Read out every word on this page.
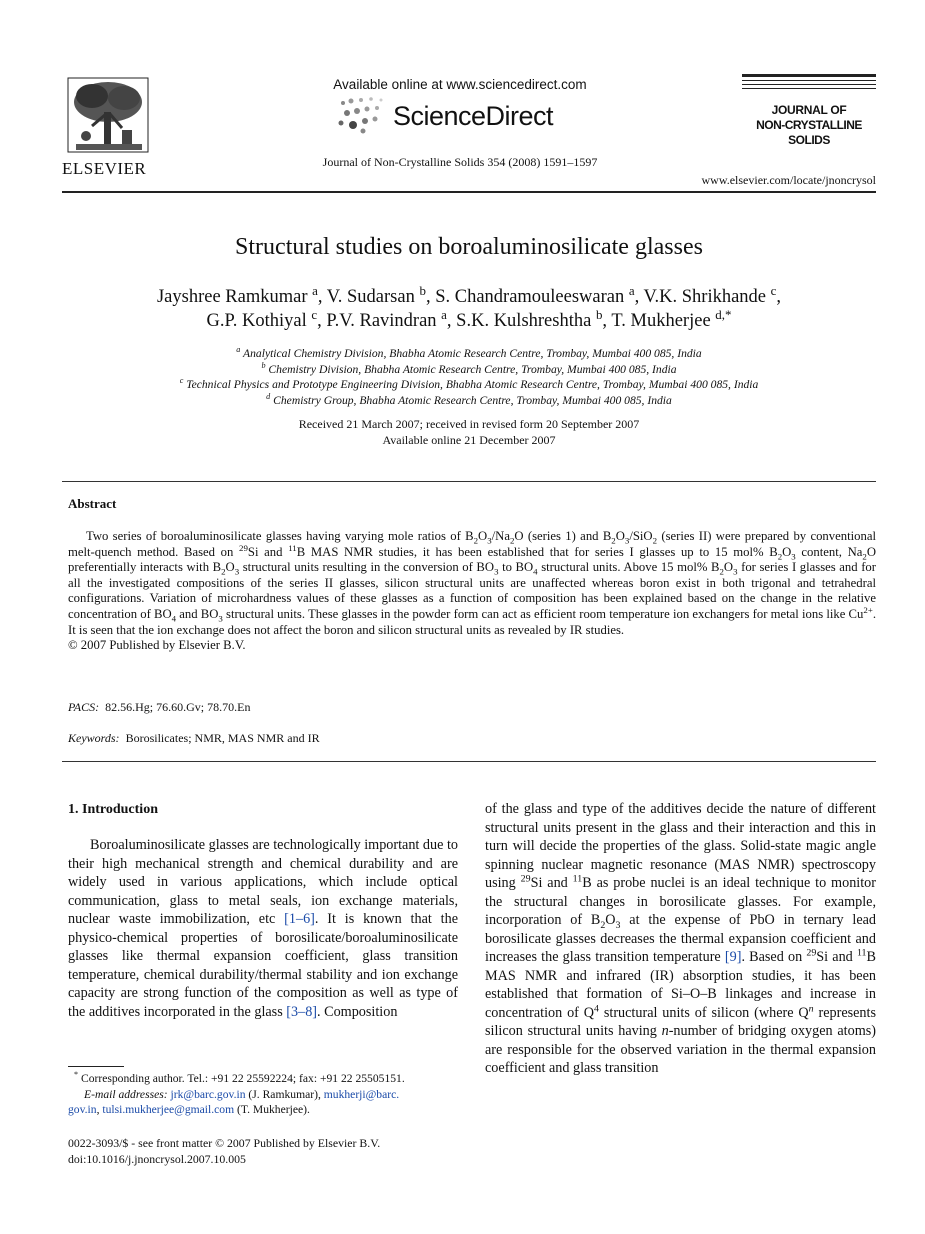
ELSEVIER
Available online at www.sciencedirect.com
ScienceDirect
Journal of Non-Crystalline Solids 354 (2008) 1591–1597
JOURNAL OF
NON-CRYSTALLINE SOLIDS
www.elsevier.com/locate/jnoncrysol
Structural studies on boroaluminosilicate glasses
Jayshree Ramkumar $^a$, V. Sudarsan $^b$, S. Chandramouleeswaran $^a$, V.K. Shrikhande $^c$,
G.P. Kothiyal $^c$, P.V. Ravindran $^a$, S.K. Kulshreshtha $^b$, T. Mukherjee $^{d,*}$
$^a$ Analytical Chemistry Division, Bhabha Atomic Research Centre, Trombay, Mumbai 400 085, India
$^b$ Chemistry Division, Bhabha Atomic Research Centre, Trombay, Mumbai 400 085, India
$^c$ Technical Physics and Prototype Engineering Division, Bhabha Atomic Research Centre, Trombay, Mumbai 400 085, India
$^d$ Chemistry Group, Bhabha Atomic Research Centre, Trombay, Mumbai 400 085, India
Received 21 March 2007; received in revised form 20 September 2007
Available online 21 December 2007
Abstract
Two series of boroaluminosilicate glasses having varying mole ratios of $B_2O_3/Na_2O$ (series 1) and $B_2O_3/SiO_2$ (series II) were prepared by conventional melt-quench method. Based on $^{29}$Si and $^{11}$B MAS NMR studies, it has been established that for series I glasses up to 15 mol% $B_2O_3$ content, $Na_2O$ preferentially interacts with $B_2O_3$ structural units resulting in the conversion of $BO_3$ to $BO_4$ structural units. Above 15 mol% $B_2O_3$ for series I glasses and for all the investigated compositions of the series II glasses, silicon structural units are unaffected whereas boron exist in both trigonal and tetrahedral configurations. Variation of microhardness values of these glasses as a function of composition has been explained based on the change in the relative concentration of $BO_4$ and $BO_3$ structural units. These glasses in the powder form can act as efficient room temperature ion exchangers for metal ions like $Cu^{2+}$. It is seen that the ion exchange does not affect the boron and silicon structural units as revealed by IR studies.
© 2007 Published by Elsevier B.V.
PACS: 82.56.Hg; 76.60.Gv; 78.70.En
Keywords: Borosilicates; NMR, MAS NMR and IR
1. Introduction

Boroaluminosilicate glasses are technologically important due to their high mechanical strength and chemical durability and are widely used in various applications, which include optical communication, glass to metal seals, ion exchange materials, nuclear waste immobilization, etc [1–6]. It is known that the physico-chemical properties of borosilicate/boroaluminosilicate glasses like thermal expansion coefficient, glass transition temperature, chemical durability/thermal stability and ion exchange capacity are strong function of the composition as well as type of the additives incorporated in the glass [3–8]. Composition

* Corresponding author. Tel.: +91 22 25592224; fax: +91 22 25505151.
E-mail addresses: jrk@barc.gov.in (J. Ramkumar), mukherji@barc.
gov.in, tulsi.mukherjee@gmail.com (T. Mukherjee).
0022-3093/$ - see front matter © 2007 Published by Elsevier B.V.
doi:10.1016/j.jnoncrysol.2007.10.005

of the glass and type of the additives decide the nature of different structural units present in the glass and their interaction and this in turn will decide the properties of the glass. Solid-state magic angle spinning nuclear magnetic resonance (MAS NMR) spectroscopy using $^{29}$Si and $^{11}$B as probe nuclei is an ideal technique to monitor the structural changes in borosilicate glasses. For example, incorporation of $B_2O_3$ at the expense of PbO in ternary lead borosilicate glasses decreases the thermal expansion coefficient and increases the glass transition temperature [9]. Based on $^{29}$Si and $^{11}$B MAS NMR and infrared (IR) absorption studies, it has been established that formation of Si–O–B linkages and increase in concentration of $Q^4$ structural units of silicon (where $Q^n$ represents silicon structural units having n-number of bridging oxygen atoms) are responsible for the observed variation in the thermal expansion coefficient and glass transition
